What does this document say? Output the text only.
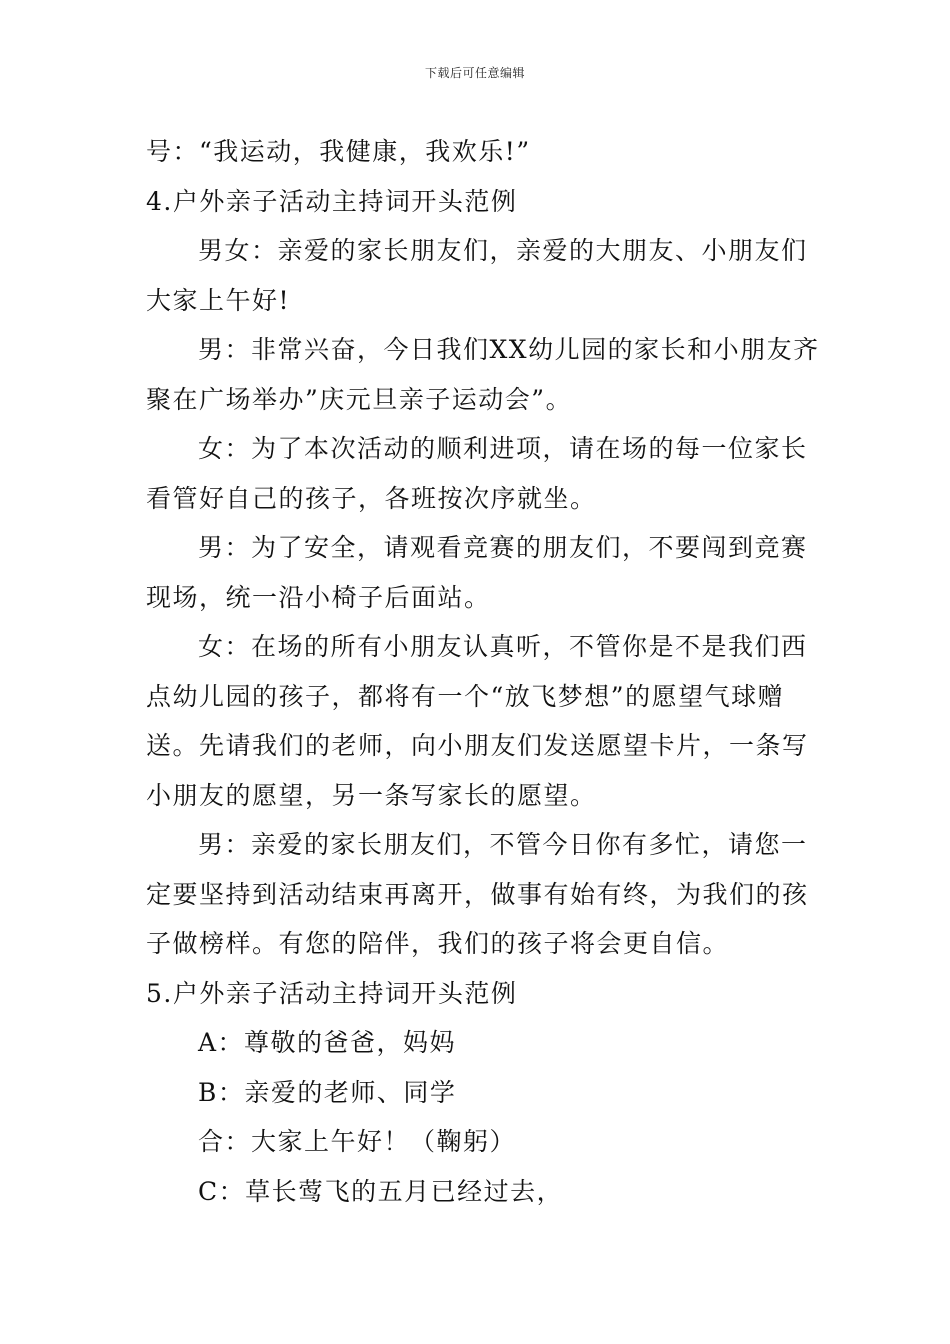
下载后可任意编辑
号：“我运动，我健康，我欢乐!”
4.户外亲子活动主持词开头范例
男女：亲爱的家长朋友们，亲爱的大朋友、小朋友们
大家上午好!
男：非常兴奋，今日我们XX幼儿园的家长和小朋友齐
聚在广场举办”庆元旦亲子运动会”。
女：为了本次活动的顺利进项，请在场的每一位家长
看管好自己的孩子，各班按次序就坐。
男：为了安全，请观看竞赛的朋友们，不要闯到竞赛
现场，统一沿小椅子后面站。
女：在场的所有小朋友认真听，不管你是不是我们西
点幼儿园的孩子，都将有一个“放飞梦想”的愿望气球赠
送。先请我们的老师，向小朋友们发送愿望卡片，一条写
小朋友的愿望，另一条写家长的愿望。
男：亲爱的家长朋友们，不管今日你有多忙，请您一
定要坚持到活动结束再离开，做事有始有终，为我们的孩
子做榜样。有您的陪伴，我们的孩子将会更自信。
5.户外亲子活动主持词开头范例
A：尊敬的爸爸，妈妈
B：亲爱的老师、同学
合：大家上午好！（鞠躬）
C：草长莺飞的五月已经过去，
